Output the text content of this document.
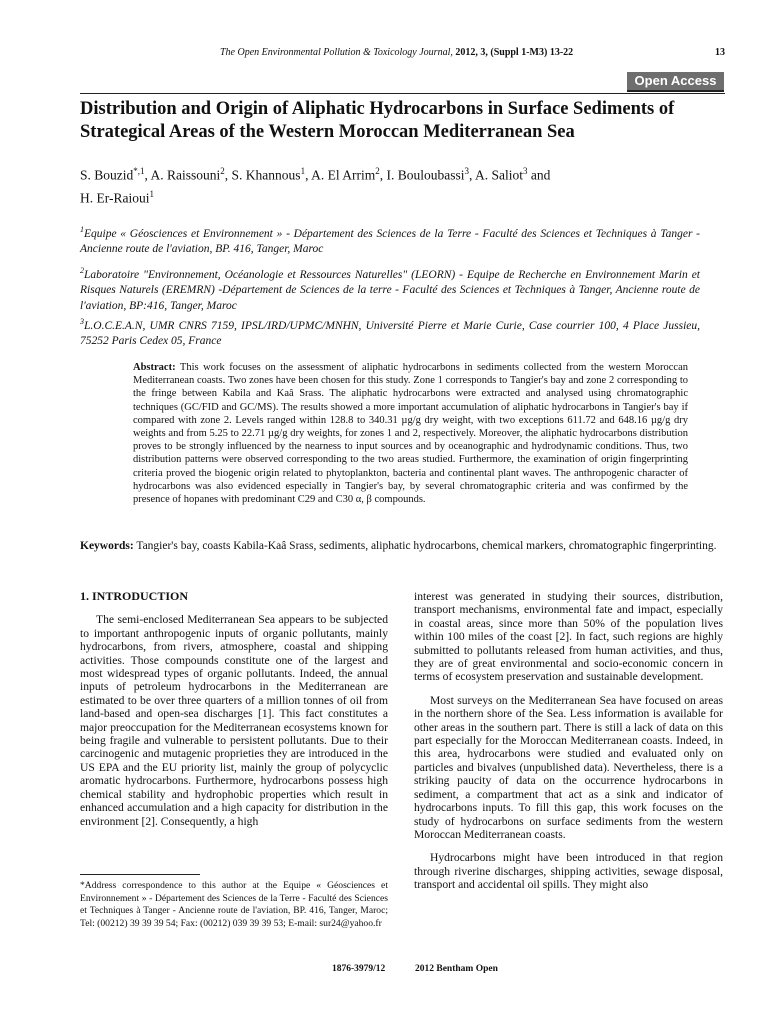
The Open Environmental Pollution & Toxicology Journal, 2012, 3, (Suppl 1-M3) 13-22	13
Open Access
Distribution and Origin of Aliphatic Hydrocarbons in Surface Sediments of Strategical Areas of the Western Moroccan Mediterranean Sea
S. Bouzid$^{*,1}$, A. Raissouni$^2$, S. Khannous$^1$, A. El Arrim$^2$, I. Bouloubassi$^3$, A. Saliot$^3$ and
H. Er-Raioui$^1$
$^1$Equipe « Géosciences et Environnement » - Département des Sciences de la Terre - Faculté des Sciences et Techniques à Tanger - Ancienne route de l'aviation, BP. 416, Tanger, Maroc
$^2$Laboratoire "Environnement, Océanologie et Ressources Naturelles" (LEORN) - Equipe de Recherche en Environnement Marin et Risques Naturels (EREMRN) -Département de Sciences de la terre - Faculté des Sciences et Techniques à Tanger, Ancienne route de l'aviation, BP:416, Tanger, Maroc
$^3$L.O.C.E.A.N, UMR CNRS 7159, IPSL/IRD/UPMC/MNHN, Université Pierre et Marie Curie, Case courrier 100, 4 Place Jussieu, 75252 Paris Cedex 05, France
Abstract: This work focuses on the assessment of aliphatic hydrocarbons in sediments collected from the western Moroccan Mediterranean coasts. Two zones have been chosen for this study. Zone 1 corresponds to Tangier's bay and zone 2 corresponding to the fringe between Kabila and Kaâ Srass. The aliphatic hydrocarbons were extracted and analysed using chromatographic techniques (GC/FID and GC/MS). The results showed a more important accumulation of aliphatic hydrocarbons in Tangier's bay if compared with zone 2. Levels ranged within 128.8 to 340.31 µg/g dry weight, with two exceptions 611.72 and 648.16 µg/g dry weights and from 5.25 to 22.71 µg/g dry weights, for zones 1 and 2, respectively. Moreover, the aliphatic hydrocarbons distribution proves to be strongly influenced by the nearness to input sources and by oceanographic and hydrodynamic conditions. Thus, two distribution patterns were observed corresponding to the two areas studied. Furthermore, the examination of origin fingerprinting criteria proved the biogenic origin related to phytoplankton, bacteria and continental plant waves. The anthropogenic character of hydrocarbons was also evidenced especially in Tangier's bay, by several chromatographic criteria and was confirmed by the presence of hopanes with predominant C29 and C30 α, β compounds.
Keywords: Tangier's bay, coasts Kabila-Kaâ Srass, sediments, aliphatic hydrocarbons, chemical markers, chromatographic fingerprinting.
1. INTRODUCTION

The semi-enclosed Mediterranean Sea appears to be subjected to important anthropogenic inputs of organic pollutants, mainly hydrocarbons, from rivers, atmosphere, coastal and shipping activities. Those compounds constitute one of the largest and most widespread types of organic pollutants. Indeed, the annual inputs of petroleum hydrocarbons in the Mediterranean are estimated to be over three quarters of a million tonnes of oil from land-based and open-sea discharges [1]. This fact constitutes a major preoccupation for the Mediterranean ecosystems known for being fragile and vulnerable to persistent pollutants. Due to their carcinogenic and mutagenic proprieties they are introduced in the US EPA and the EU priority list, mainly the group of polycyclic aromatic hydrocarbons. Furthermore, hydrocarbons possess high chemical stability and hydrophobic properties which result in enhanced accumulation and a high capacity for distribution in the environment [2]. Consequently, a high

interest was generated in studying their sources, distribution, transport mechanisms, environmental fate and impact, especially in coastal areas, since more than 50% of the population lives within 100 miles of the coast [2]. In fact, such regions are highly submitted to pollutants released from human activities, and thus, they are of great environmental and socio-economic concern in terms of ecosystem preservation and sustainable development.

Most surveys on the Mediterranean Sea have focused on areas in the northern shore of the Sea. Less information is available for other areas in the southern part. There is still a lack of data on this part especially for the Moroccan Mediterranean coasts. Indeed, in this area, hydrocarbons were studied and evaluated only on particles and bivalves (unpublished data). Nevertheless, there is a striking paucity of data on the occurrence hydrocarbons in sediment, a compartment that act as a sink and indicator of hydrocarbons inputs. To fill this gap, this work focuses on the study of hydrocarbons on surface sediments from the western Moroccan Mediterranean coasts.

Hydrocarbons might have been introduced in that region through riverine discharges, shipping activities, sewage disposal, transport and accidental oil spills. They might also

*Address correspondence to this author at the Equipe « Géosciences et Environnement » - Département des Sciences de la Terre - Faculté des Sciences et Techniques à Tanger - Ancienne route de l'aviation, BP. 416, Tanger, Maroc; Tel: (00212) 39 39 39 54; Fax: (00212) 039 39 39 53; E-mail: sur24@yahoo.fr
1876-3979/12	2012 Bentham Open
